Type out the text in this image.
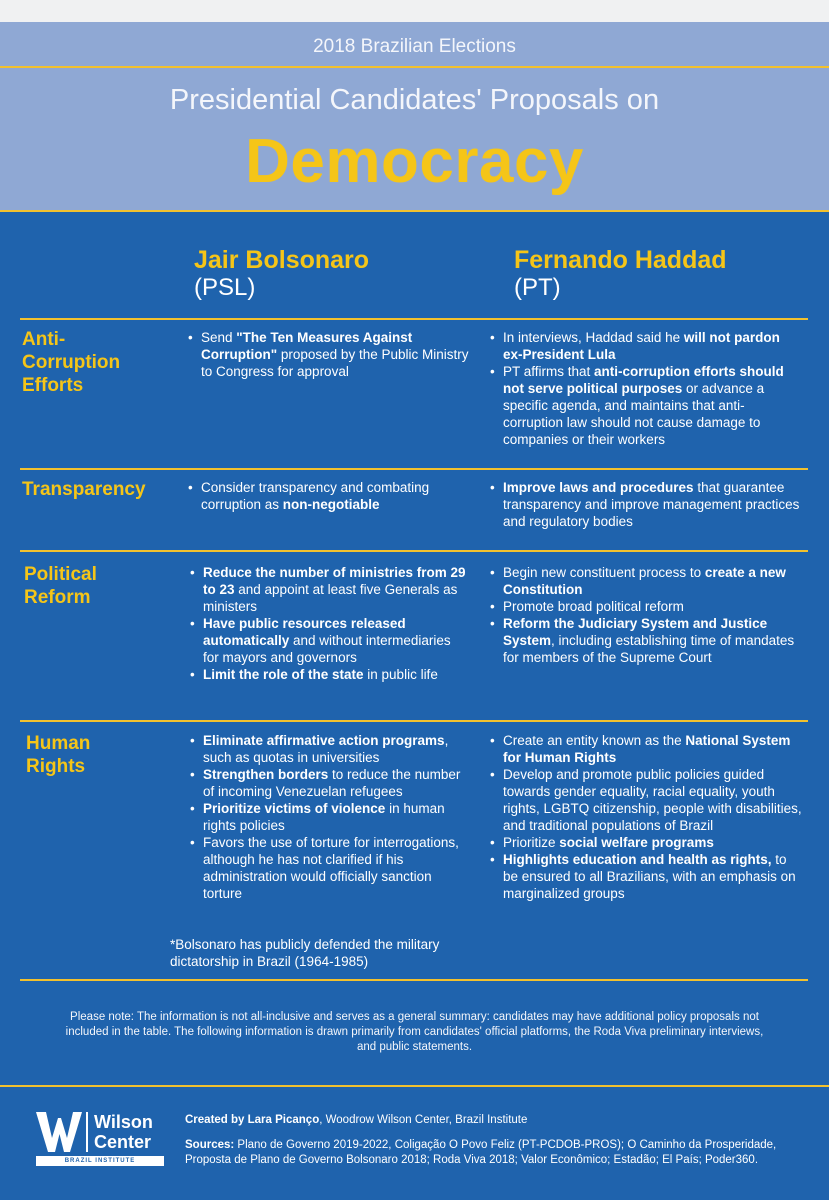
2018 Brazilian Elections
Presidential Candidates' Proposals on
Democracy
Jair Bolsonaro
(PSL)
Fernando Haddad
(PT)
Anti-
Corruption
Efforts
• Send "The Ten Measures Against Corruption" proposed by the Public Ministry to Congress for approval
• In interviews, Haddad said he will not pardon ex-President Lula
• PT affirms that anti-corruption efforts should not serve political purposes or advance a specific agenda, and maintains that anti-corruption law should not cause damage to companies or their workers
Transparency
•	Consider transparency and combating corruption as non-negotiable
• Improve laws and procedures that guarantee transparency and improve management practices and regulatory bodies
Political
Reform
• Reduce the number of ministries from 29 to 23 and appoint at least five Generals as ministers
• Have public resources released automatically and without intermediaries for mayors and governors
• Limit the role of the state in public life
• Begin new constituent process to create a new Constitution
• Promote broad political reform
• Reform the Judiciary System and Justice System, including establishing time of mandates for members of the Supreme Court
Human
Rights
• Eliminate affirmative action programs, such as quotas in universities
• Strengthen borders to reduce the number of incoming Venezuelan refugees
• Prioritize victims of violence in human rights policies
• Favors the use of torture for interrogations, although he has not clarified if his administration would officially sanction torture
• Create an entity known as the National System for Human Rights
• Develop and promote public policies guided towards gender equality, racial equality, youth rights, LGBTQ citizenship, people with disabilities, and traditional populations of Brazil
• Prioritize social welfare programs
• Highlights education and health as rights, to be ensured to all Brazilians, with an emphasis on marginalized groups
*Bolsonaro has publicly defended the military dictatorship in Brazil (1964-1985)
Please note: The information is not all-inclusive and serves as a general summary: candidates may have additional policy proposals not included in the table. The following information is drawn primarily from candidates' official platforms, the Roda Viva preliminary interviews, and public statements.
Wilson
Center
BRAZIL INSTITUTE
Created by Lara Picanço, Woodrow Wilson Center, Brazil Institute
Sources: Plano de Governo 2019-2022, Coligação O Povo Feliz (PT-PCDOB-PROS); O Caminho da Prosperidade, Proposta de Plano de Governo Bolsonaro 2018; Roda Viva 2018; Valor Econômico; Estadão; El País; Poder360.
